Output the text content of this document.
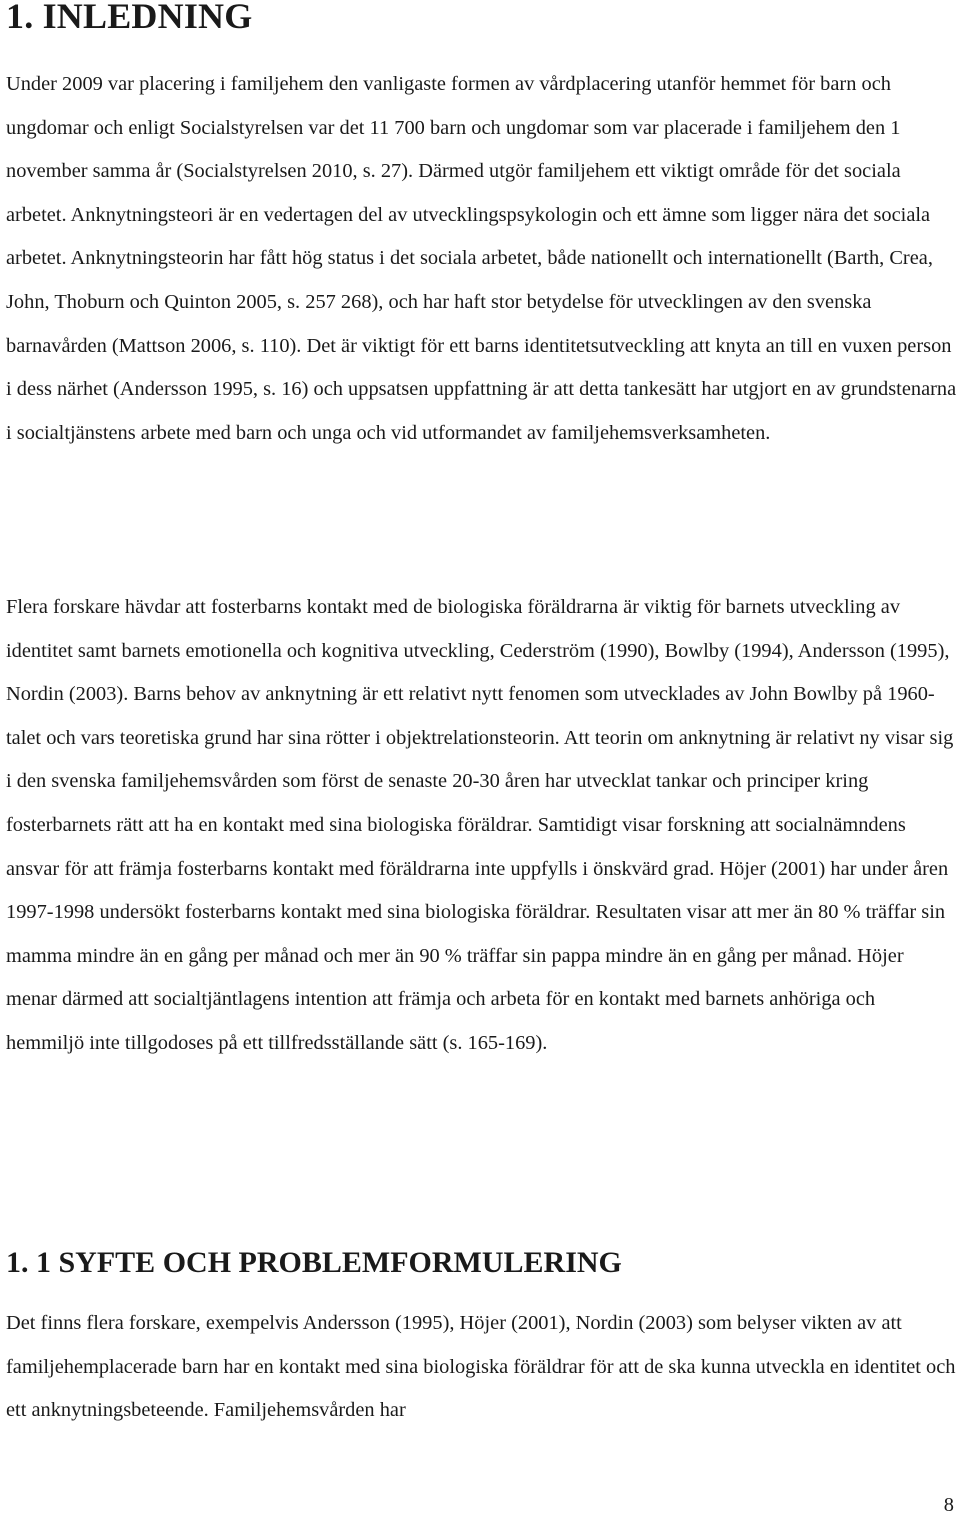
1. INLEDNING

Under 2009 var placering i familjehem den vanligaste formen av vårdplacering utanför hemmet för barn och ungdomar och enligt Socialstyrelsen var det 11 700 barn och ungdomar som var placerade i familjehem den 1 november samma år (Socialstyrelsen 2010, s. 27). Därmed utgör familjehem ett viktigt område för det sociala arbetet. Anknytningsteori är en vedertagen del av utvecklingspsykologin och ett ämne som ligger nära det sociala arbetet. Anknytningsteorin har fått hög status i det sociala arbetet, både nationellt och internationellt (Barth, Crea, John, Thoburn och Quinton 2005, s. 257 268), och har haft stor betydelse för utvecklingen av den svenska barnavården (Mattson 2006, s. 110). Det är viktigt för ett barns identitetsutveckling att knyta an till en vuxen person i dess närhet (Andersson 1995, s. 16) och uppsatsen uppfattning är att detta tankesätt har utgjort en av grundstenarna i socialtjänstens arbete med barn och unga och vid utformandet av familjehemsverksamheten.

Flera forskare hävdar att fosterbarns kontakt med de biologiska föräldrarna är viktig för barnets utveckling av identitet samt barnets emotionella och kognitiva utveckling, Cederström (1990), Bowlby (1994), Andersson (1995), Nordin (2003). Barns behov av anknytning är ett relativt nytt fenomen som utvecklades av John Bowlby på 1960- talet och vars teoretiska grund har sina rötter i objektrelationsteorin. Att teorin om anknytning är relativt ny visar sig i den svenska familjehemsvården som först de senaste 20-30 åren har utvecklat tankar och principer kring fosterbarnets rätt att ha en kontakt med sina biologiska föräldrar. Samtidigt visar forskning att socialnämndens ansvar för att främja fosterbarns kontakt med föräldrarna inte uppfylls i önskvärd grad. Höjer (2001) har under åren 1997-1998 undersökt fosterbarns kontakt med sina biologiska föräldrar. Resultaten visar att mer än 80 % träffar sin mamma mindre än en gång per månad och mer än 90 % träffar sin pappa mindre än en gång per månad. Höjer menar därmed att socialtjäntlagens intention att främja och arbeta för en kontakt med barnets anhöriga och hemmiljö inte tillgodoses på ett tillfredsställande sätt (s. 165-169).

1. 1 SYFTE OCH PROBLEMFORMULERING

Det finns flera forskare, exempelvis Andersson (1995), Höjer (2001), Nordin (2003) som belyser vikten av att familjehemplacerade barn har en kontakt med sina biologiska föräldrar för att de ska kunna utveckla en identitet och ett anknytningsbeteende. Familjehemsvården har

8
